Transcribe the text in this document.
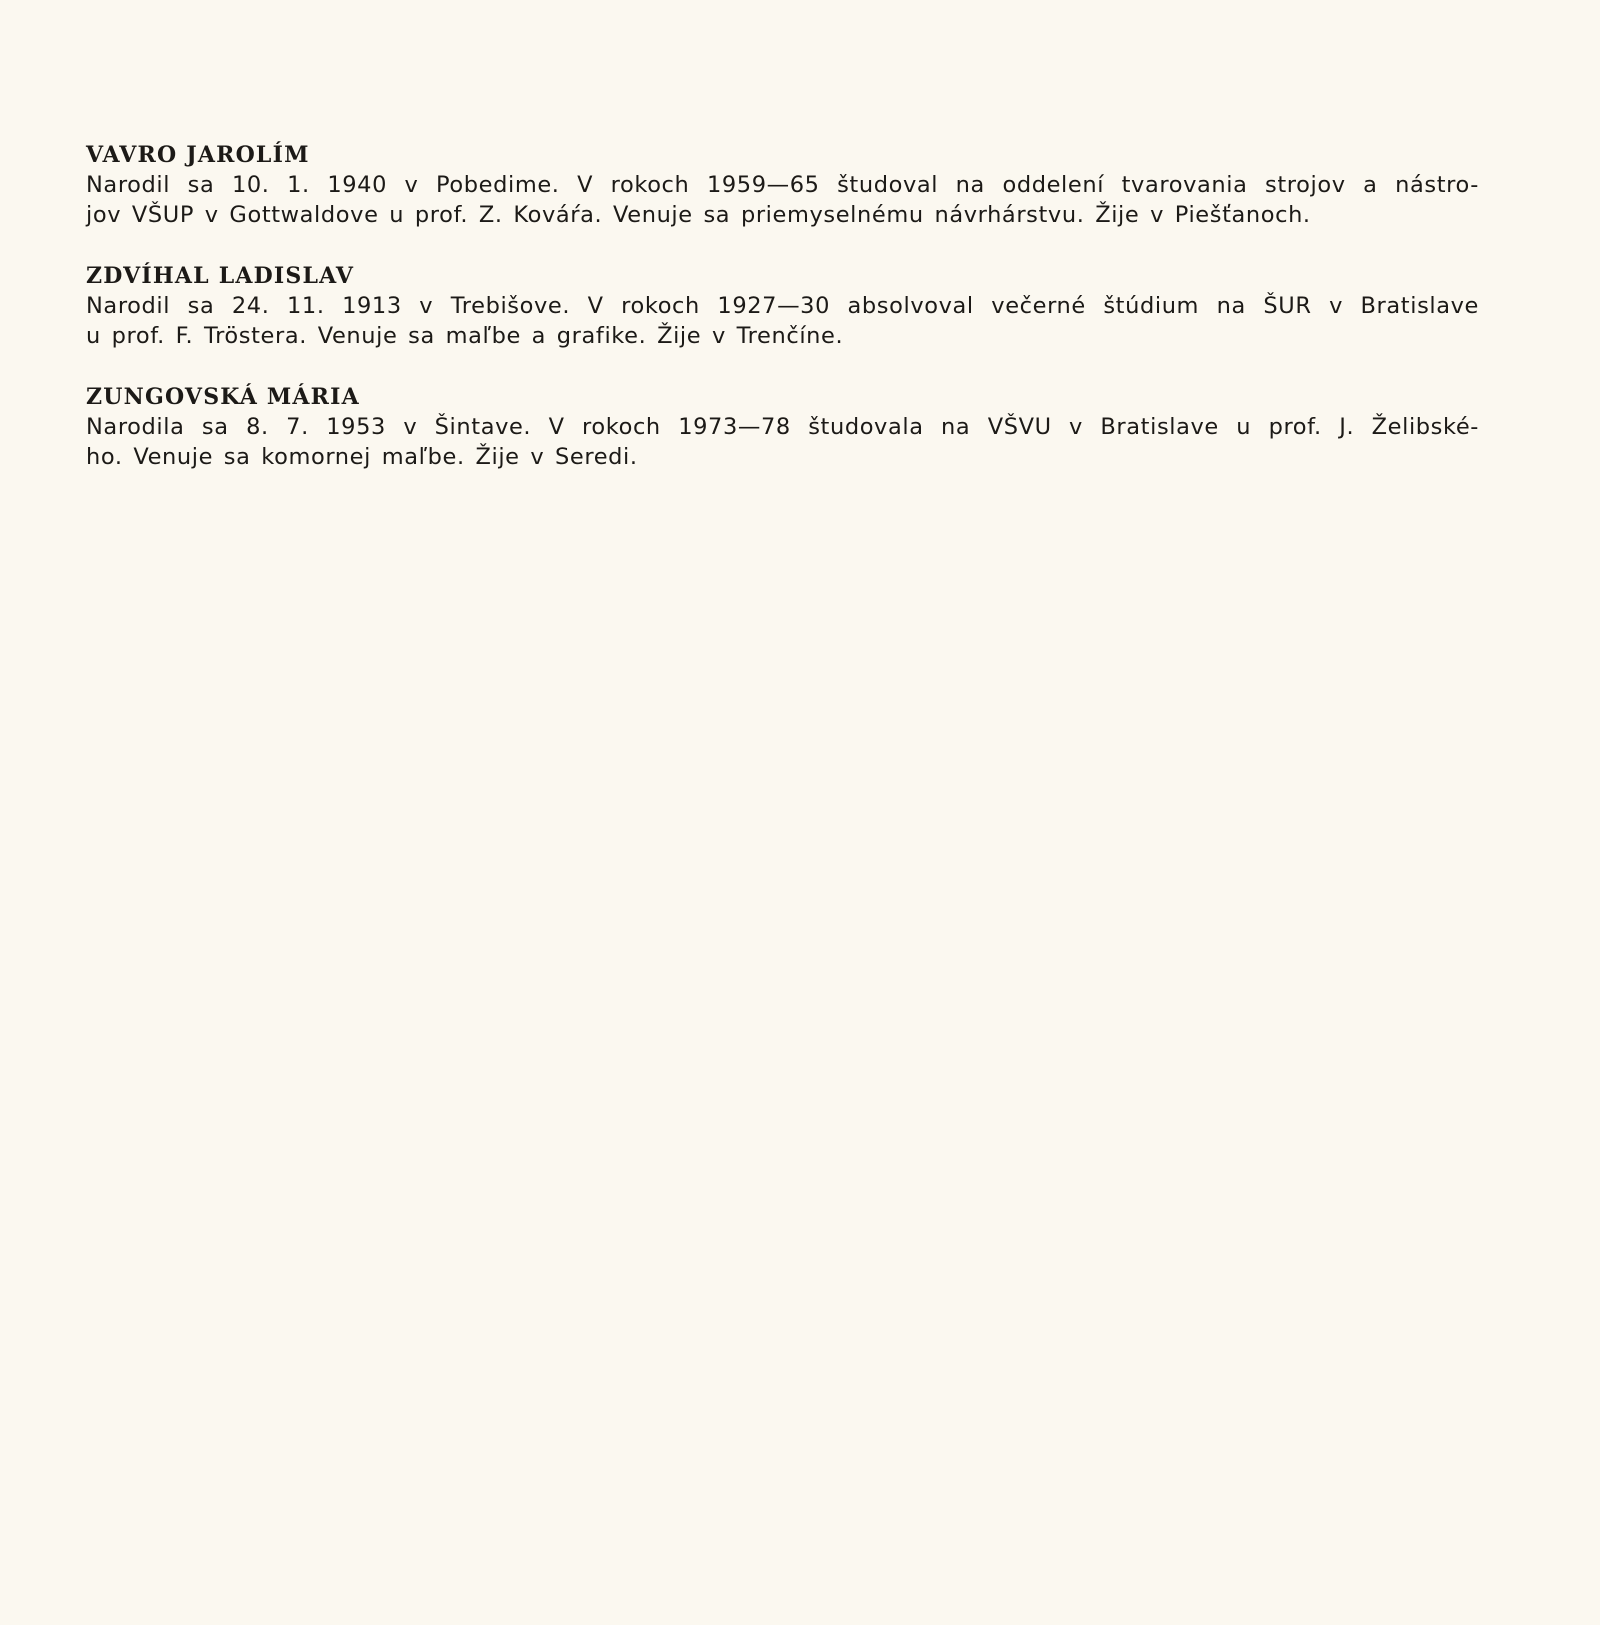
VAVRO JAROLÍM

Narodil sa 10. 1. 1940 v Pobedime. V rokoch 1959—65 študoval na oddelení tvarovania strojov a nástro-

jov VŠUP v Gottwaldove u prof. Z. Kováŕa. Venuje sa priemyselnému návrhárstvu. Žije v Piešťanoch.

ZDVÍHAL LADISLAV

Narodil sa 24. 11. 1913 v Trebišove. V rokoch 1927—30 absolvoval večerné štúdium na ŠUR v Bratislave

u prof. F. Tröstera. Venuje sa maľbe a grafike. Žije v Trenčíne.

ZUNGOVSKÁ MÁRIA

Narodila sa 8. 7. 1953 v Šintave. V rokoch 1973—78 študovala na VŠVU v Bratislave u prof. J. Želibské-

ho. Venuje sa komornej maľbe. Žije v Seredi.
